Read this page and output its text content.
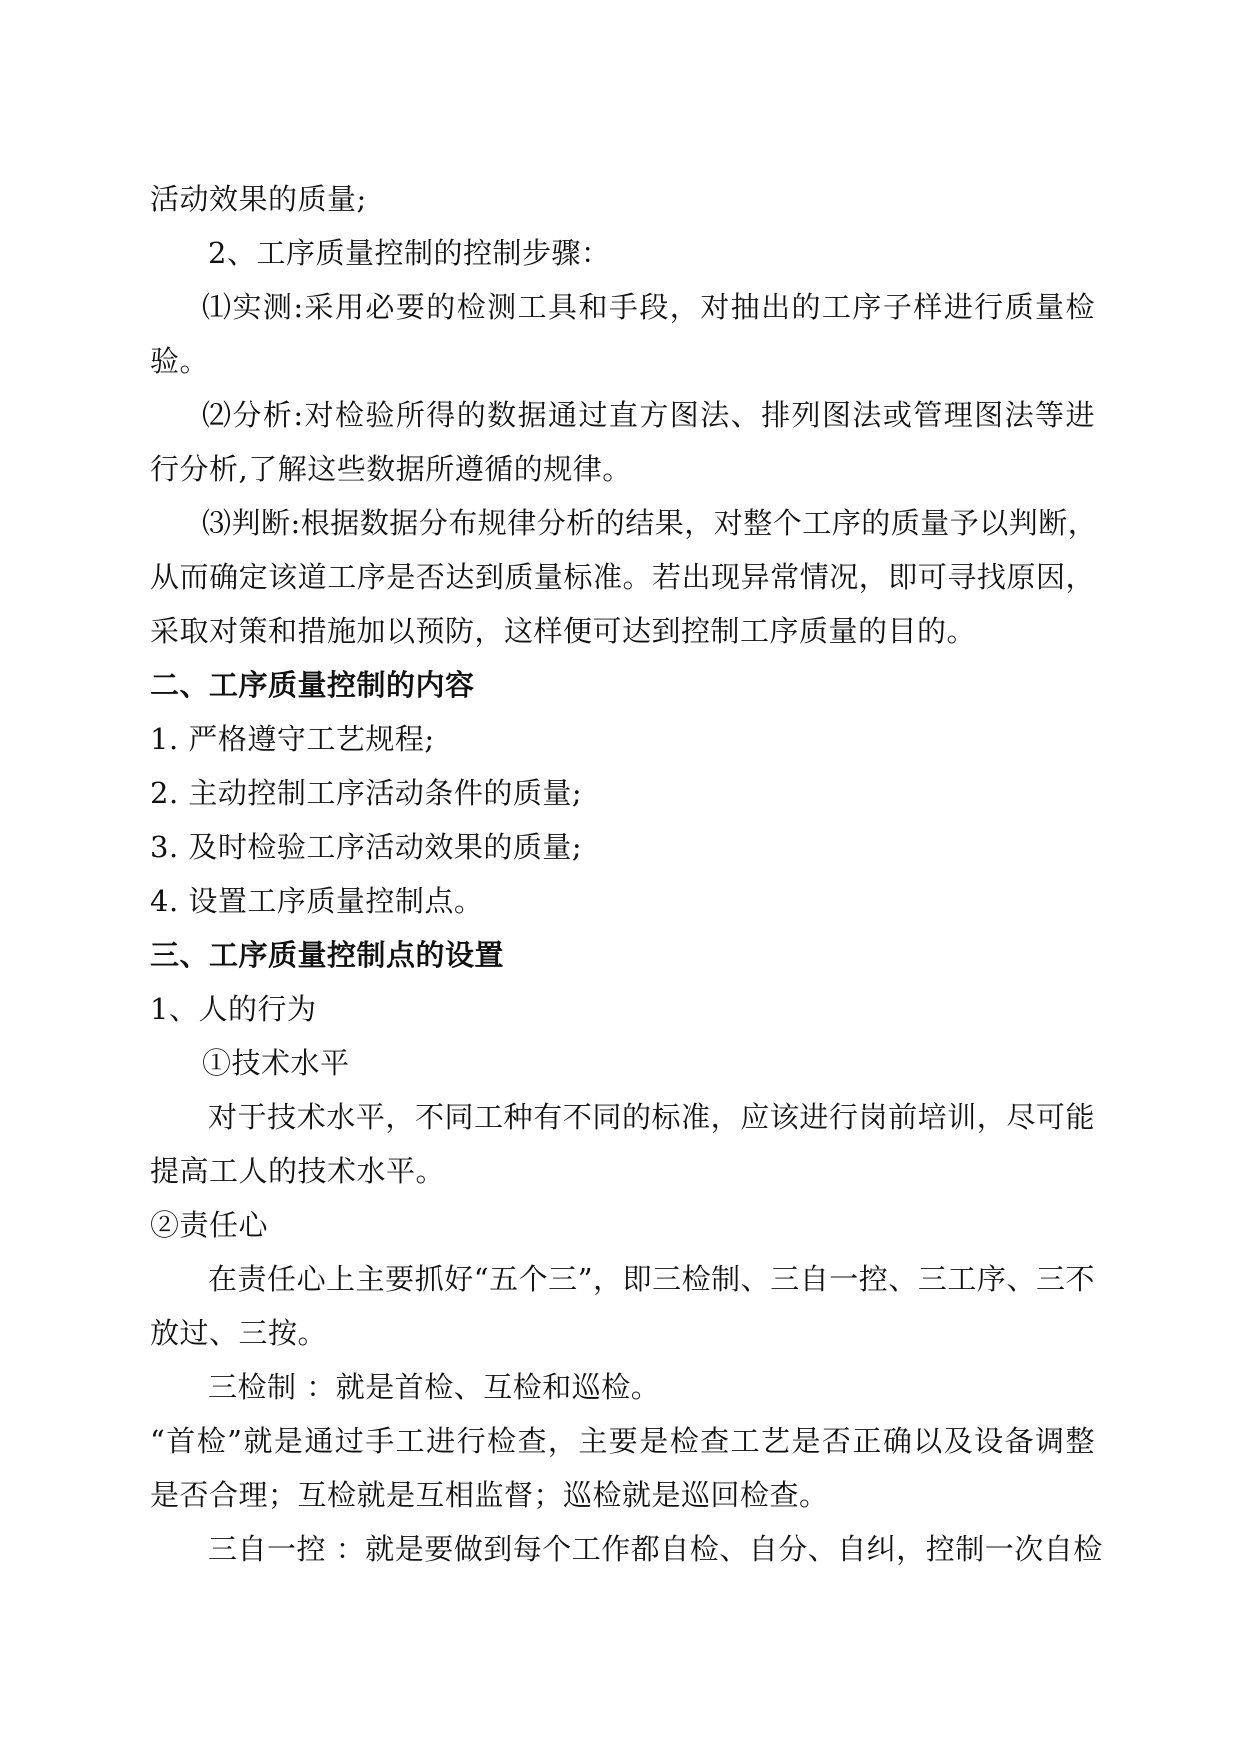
活动效果的质量;
2、工序质量控制的控制步骤：
⑴实测:采用必要的检测工具和手段，对抽出的工序子样进行质量检
验。
⑵分析:对检验所得的数据通过直方图法、排列图法或管理图法等进
行分析,了解这些数据所遵循的规律。
⑶判断:根据数据分布规律分析的结果，对整个工序的质量予以判断，
从而确定该道工序是否达到质量标准。若出现异常情况，即可寻找原因，
采取对策和措施加以预防，这样便可达到控制工序质量的目的。
二、工序质量控制的内容
1. 严格遵守工艺规程;
2. 主动控制工序活动条件的质量;
3. 及时检验工序活动效果的质量;
4. 设置工序质量控制点。
三、工序质量控制点的设置
1、人的行为
①技术水平
对于技术水平，不同工种有不同的标准，应该进行岗前培训，尽可能
提高工人的技术水平。
②责任心
在责任心上主要抓好“五个三”，即三检制、三自一控、三工序、三不
放过、三按。
三检制 ：就是首检、互检和巡检。
“首检”就是通过手工进行检查，主要是检查工艺是否正确以及设备调整
是否合理；互检就是互相监督；巡检就是巡回检查。
三自一控 ：就是要做到每个工作都自检、自分、自纠，控制一次自检
